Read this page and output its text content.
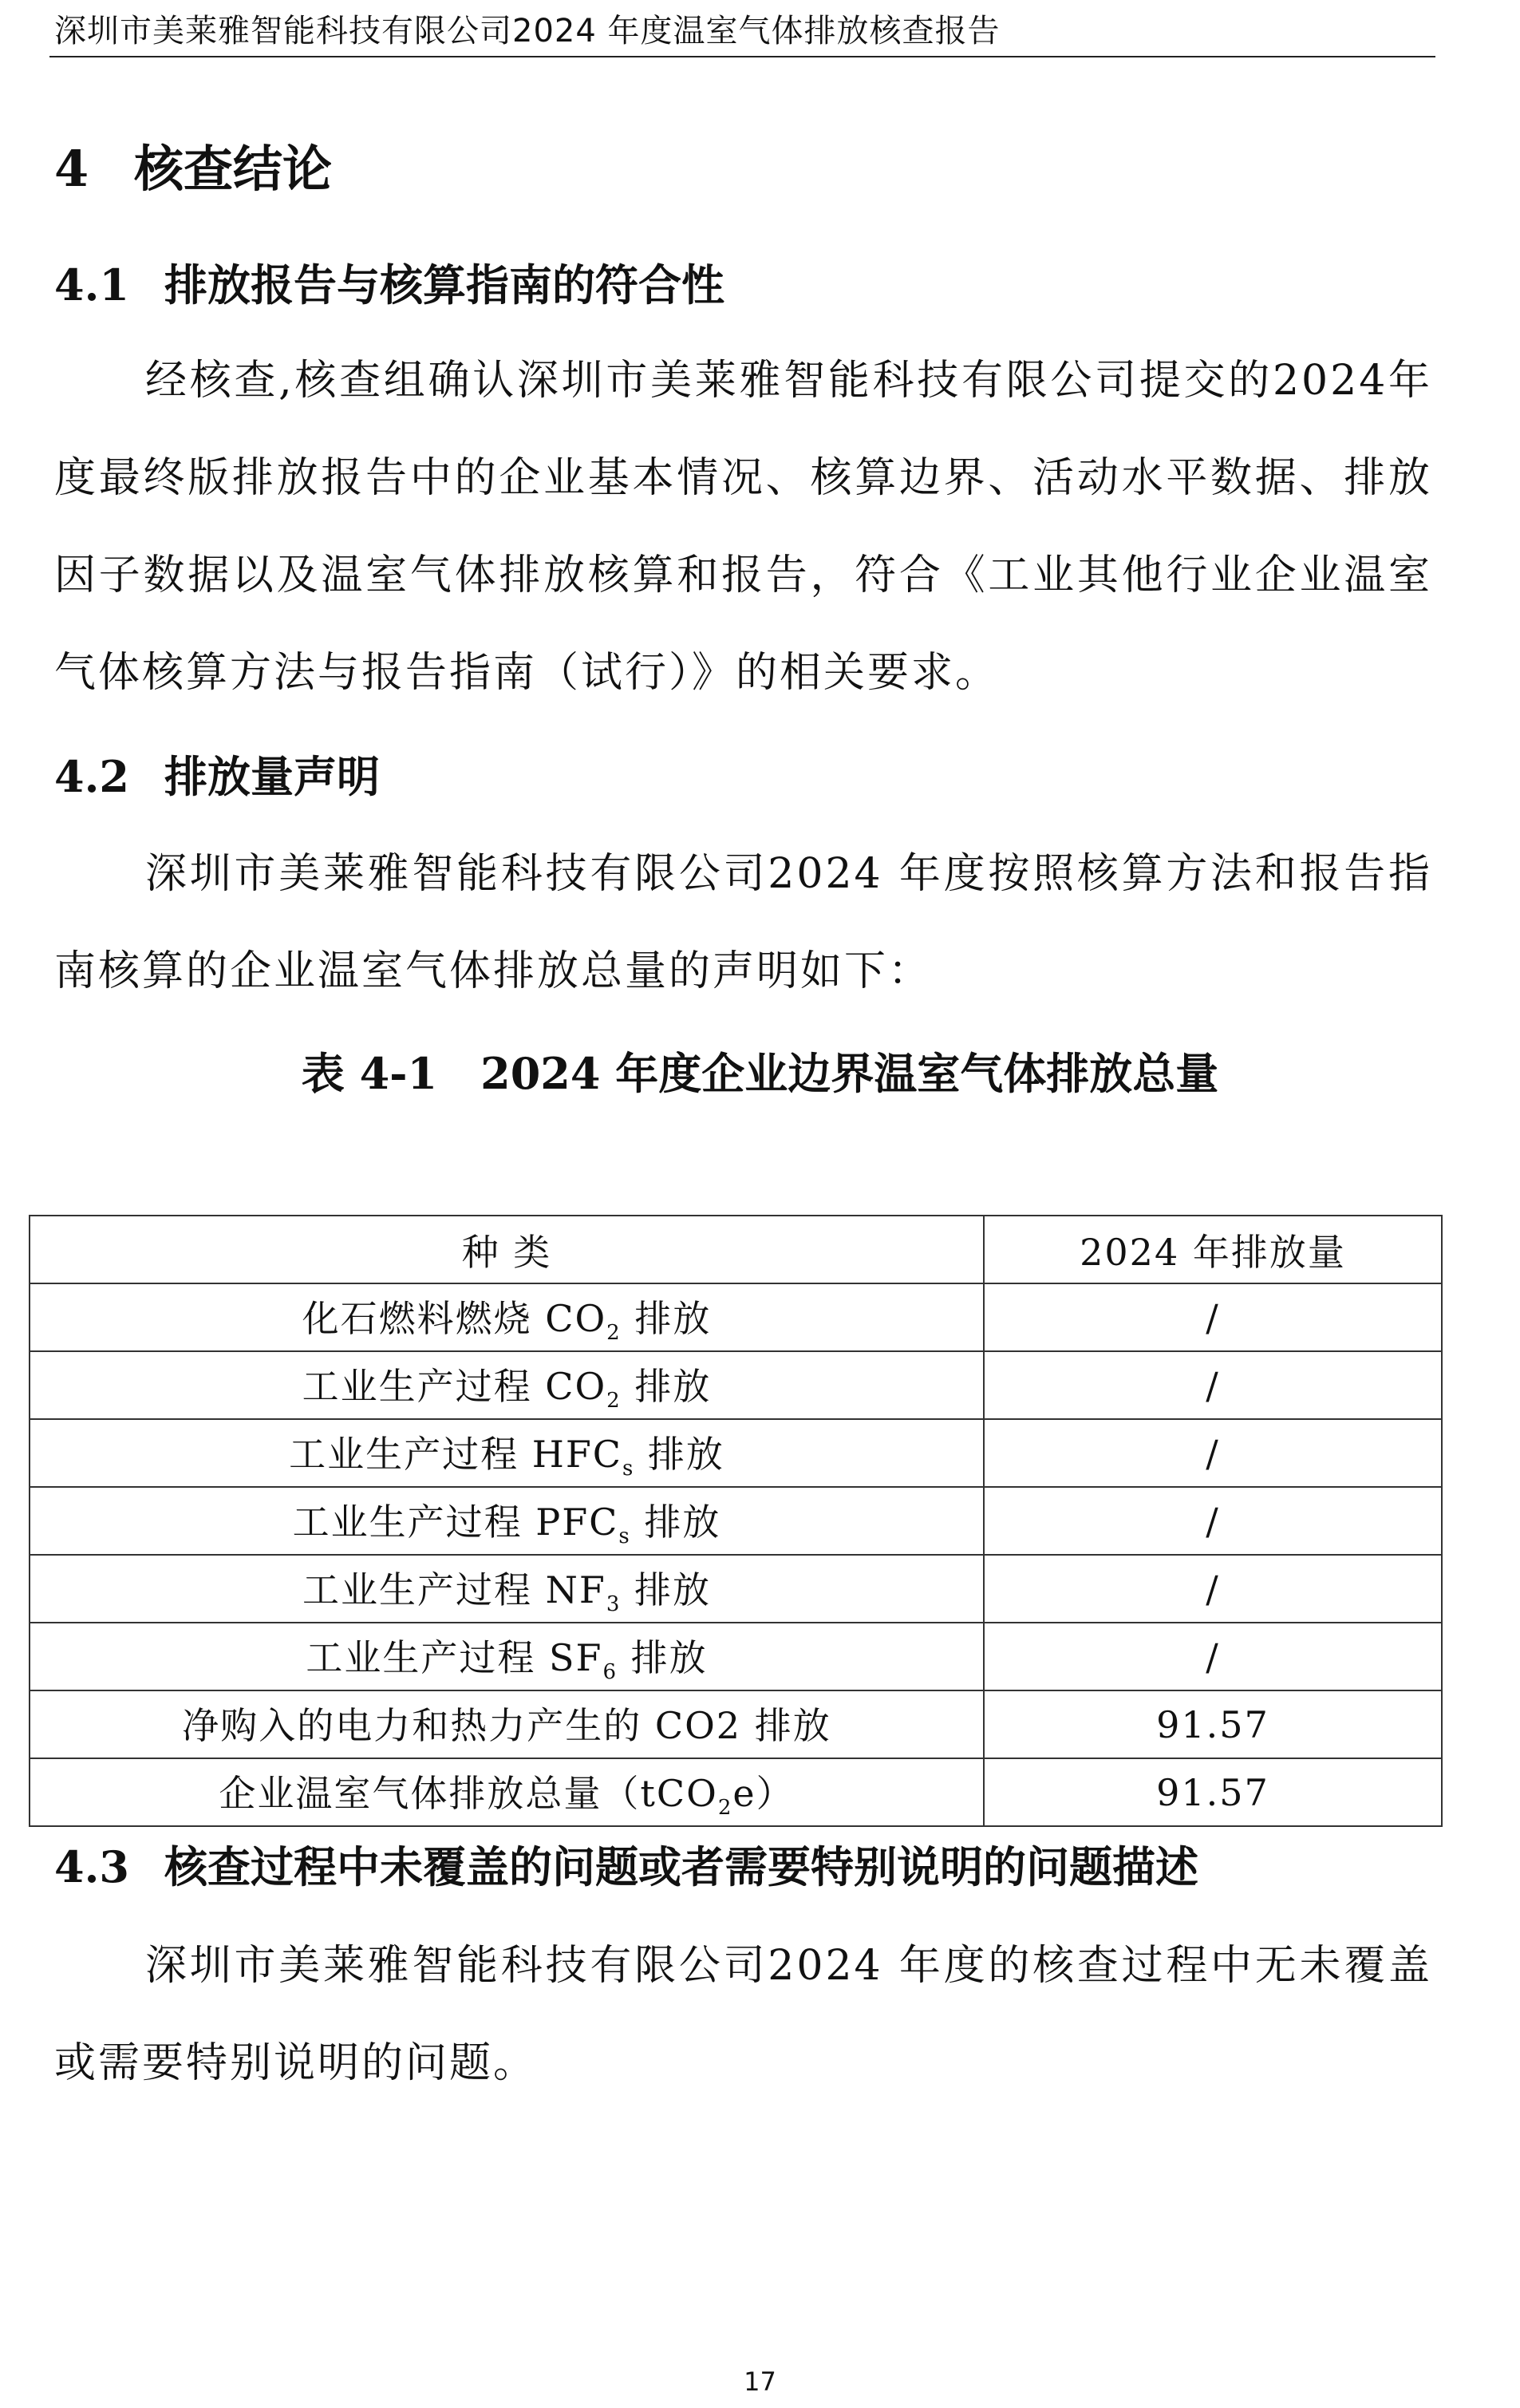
深圳市美莱雅智能科技有限公司2024 年度温室气体排放核查报告
4 核查结论
4.1 排放报告与核算指南的符合性

经核查,核查组确认深圳市美莱雅智能科技有限公司提交的2024年度最终版排放报告中的企业基本情况、核算边界、活动水平数据、排放因子数据以及温室气体排放核算和报告，符合《工业其他行业企业温室气体核算方法与报告指南（试行）》的相关要求。

4.2 排放量声明

深圳市美莱雅智能科技有限公司2024 年度按照核算方法和报告指南核算的企业温室气体排放总量的声明如下：

表 4-1　2024 年度企业边界温室气体排放总量
种 类	2024 年排放量
化石燃料燃烧 $CO_2$ 排放	/
工业生产过程 $CO_2$ 排放	/
工业生产过程 $HFC_s$ 排放	/
工业生产过程 $PFC_s$ 排放	/
工业生产过程 $NF_3$ 排放	/
工业生产过程 $SF_6$ 排放	/
净购入的电力和热力产生的 CO2 排放	91.57
企业温室气体排放总量（tCO$_2$e）	91.57
4.3 核查过程中未覆盖的问题或者需要特别说明的问题描述

深圳市美莱雅智能科技有限公司2024 年度的核查过程中无未覆盖或需要特别说明的问题。

17
